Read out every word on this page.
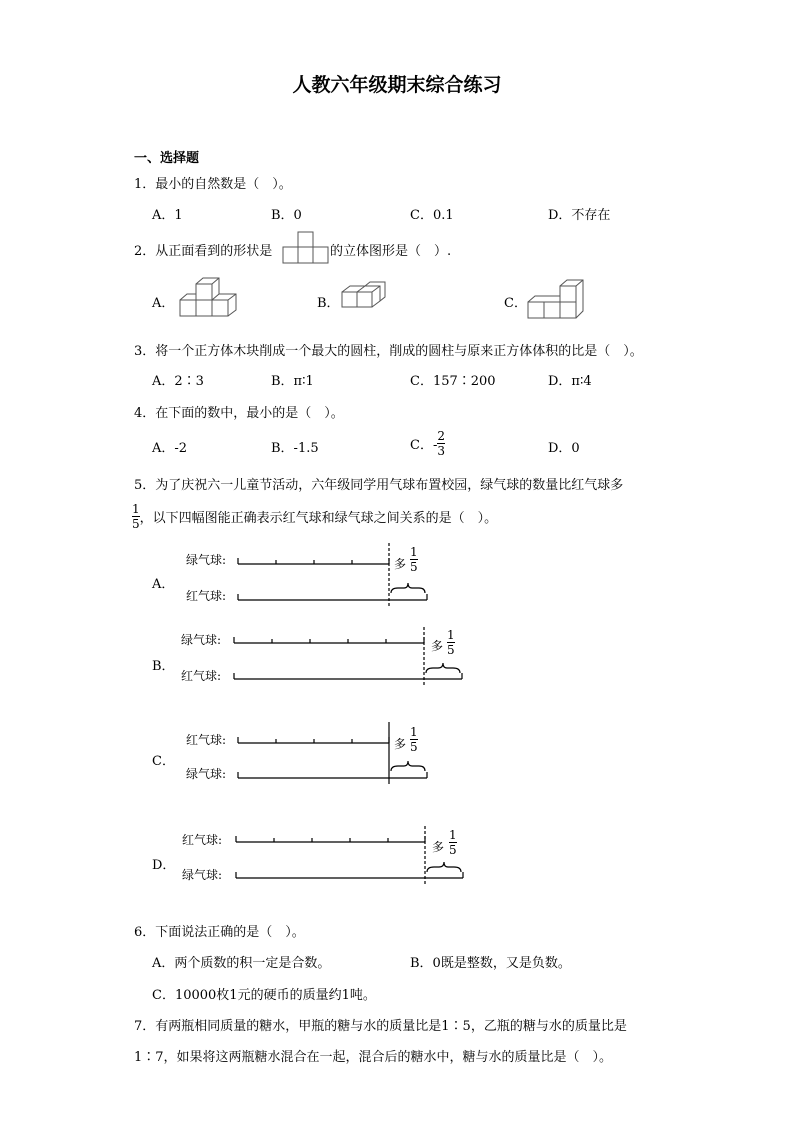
人教六年级期末综合练习
一、选择题
1．最小的自然数是（　）。
A．1	B．0	C．0.1	D．不存在
2．从正面看到的形状是	的立体图形是（　）.
A．	B．	C．
3．将一个正方体木块削成一个最大的圆柱，削成的圆柱与原来正方体体积的比是（　）。
A．2∶3	B．π∶1	C．157∶200	D．π∶4
4．在下面的数中，最小的是（　）。
A．-2	B．-1.5	C．- $\frac{2}{3}$	D．0
5．为了庆祝六一儿童节活动，六年级同学用气球布置校园，绿气球的数量比红气球多
$\frac{1}{5}$ ，以下四幅图能正确表示红气球和绿气球之间关系的是（　）。
A．
绿气球:
红气球:
多 $\frac{1}{5}$
B．
绿气球:
红气球:
多 $\frac{1}{5}$
C．
红气球:
绿气球:
多 $\frac{1}{5}$
D．
红气球:
绿气球:
多 $\frac{1}{5}$
6．下面说法正确的是（　）。
A．两个质数的积一定是合数。	B．0既是整数，又是负数。
C．10000枚1元的硬币的质量约1吨。
7．有两瓶相同质量的糖水，甲瓶的糖与水的质量比是1∶5，乙瓶的糖与水的质量比是
1∶7，如果将这两瓶糖水混合在一起，混合后的糖水中，糖与水的质量比是（　）。
